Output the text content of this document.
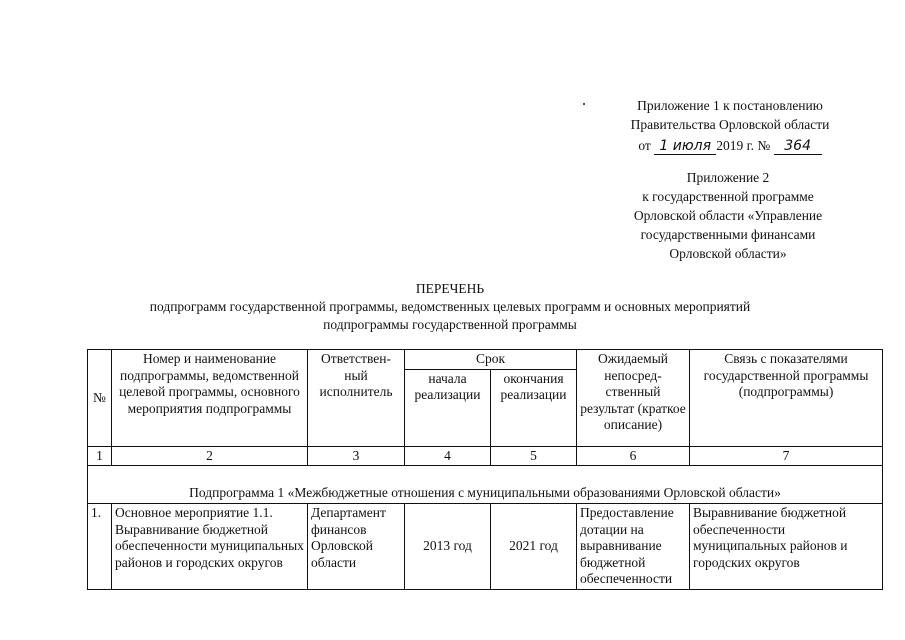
Приложение 1 к постановлению
Правительства Орловской области
от 1 июля 2019 г. № 364
Приложение 2
к государственной программе
Орловской области «Управление
государственными финансами
Орловской области»
ПЕРЕЧЕНЬ
подпрограмм государственной программы, ведомственных целевых программ и основных мероприятий
подпрограммы государственной программы
№	Номер и наименование подпрограммы, ведомственной целевой программы, основного мероприятия подпрограммы	Ответствен-ный исполнитель	Срок		Ожидаемый непосред-ственный результат (краткое описание)	Связь с показателями государственной программы (подпрограммы)
			начала реализации	окончания реализации		
1	2	3	4	5	6	7
Подпрограмма 1 «Межбюджетные отношения с муниципальными образованиями Орловской области»						
1.	Основное мероприятие 1.1. Выравнивание бюджетной обеспеченности муниципальных районов и городских округов	Департамент финансов Орловской области	2013 год	2021 год	Предоставление дотации на выравнивание бюджетной обеспеченности	Выравнивание бюджетной обеспеченности муниципальных районов и городских округов
